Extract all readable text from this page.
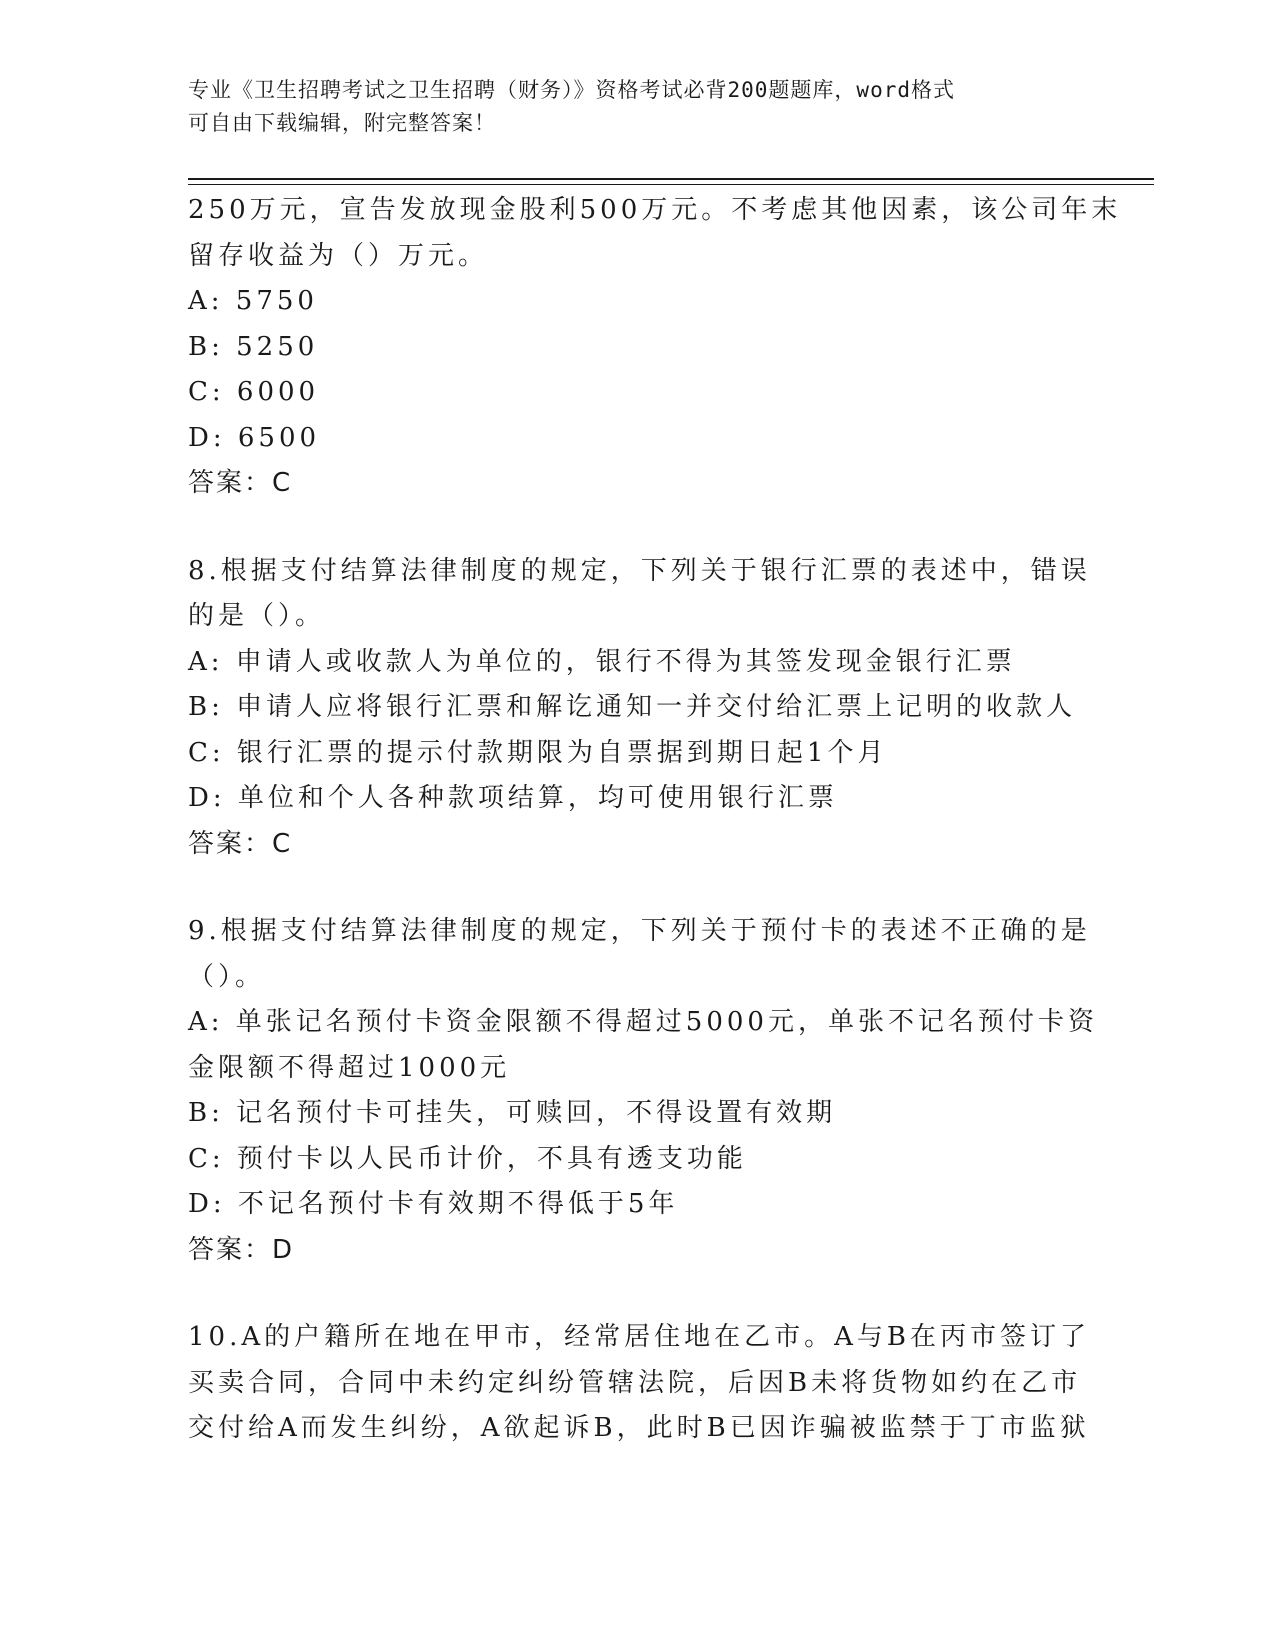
专业《卫生招聘考试之卫生招聘（财务）》资格考试必背200题题库，word格式

可自由下载编辑，附完整答案！

250万元，宣告发放现金股利500万元。不考虑其他因素，该公司年末

留存收益为（）万元。

A: 5750

B: 5250

C: 6000

D: 6500

答案：C

8.根据支付结算法律制度的规定，下列关于银行汇票的表述中，错误

的是（）。

A: 申请人或收款人为单位的，银行不得为其签发现金银行汇票

B: 申请人应将银行汇票和解讫通知一并交付给汇票上记明的收款人

C: 银行汇票的提示付款期限为自票据到期日起1个月

D: 单位和个人各种款项结算，均可使用银行汇票

答案：C

9.根据支付结算法律制度的规定，下列关于预付卡的表述不正确的是

（）。

A: 单张记名预付卡资金限额不得超过5000元，单张不记名预付卡资

金限额不得超过1000元

B: 记名预付卡可挂失，可赎回，不得设置有效期

C: 预付卡以人民币计价，不具有透支功能

D: 不记名预付卡有效期不得低于5年

答案：D

10.A的户籍所在地在甲市，经常居住地在乙市。A与B在丙市签订了

买卖合同，合同中未约定纠纷管辖法院，后因B未将货物如约在乙市

交付给A而发生纠纷，A欲起诉B，此时B已因诈骗被监禁于丁市监狱
